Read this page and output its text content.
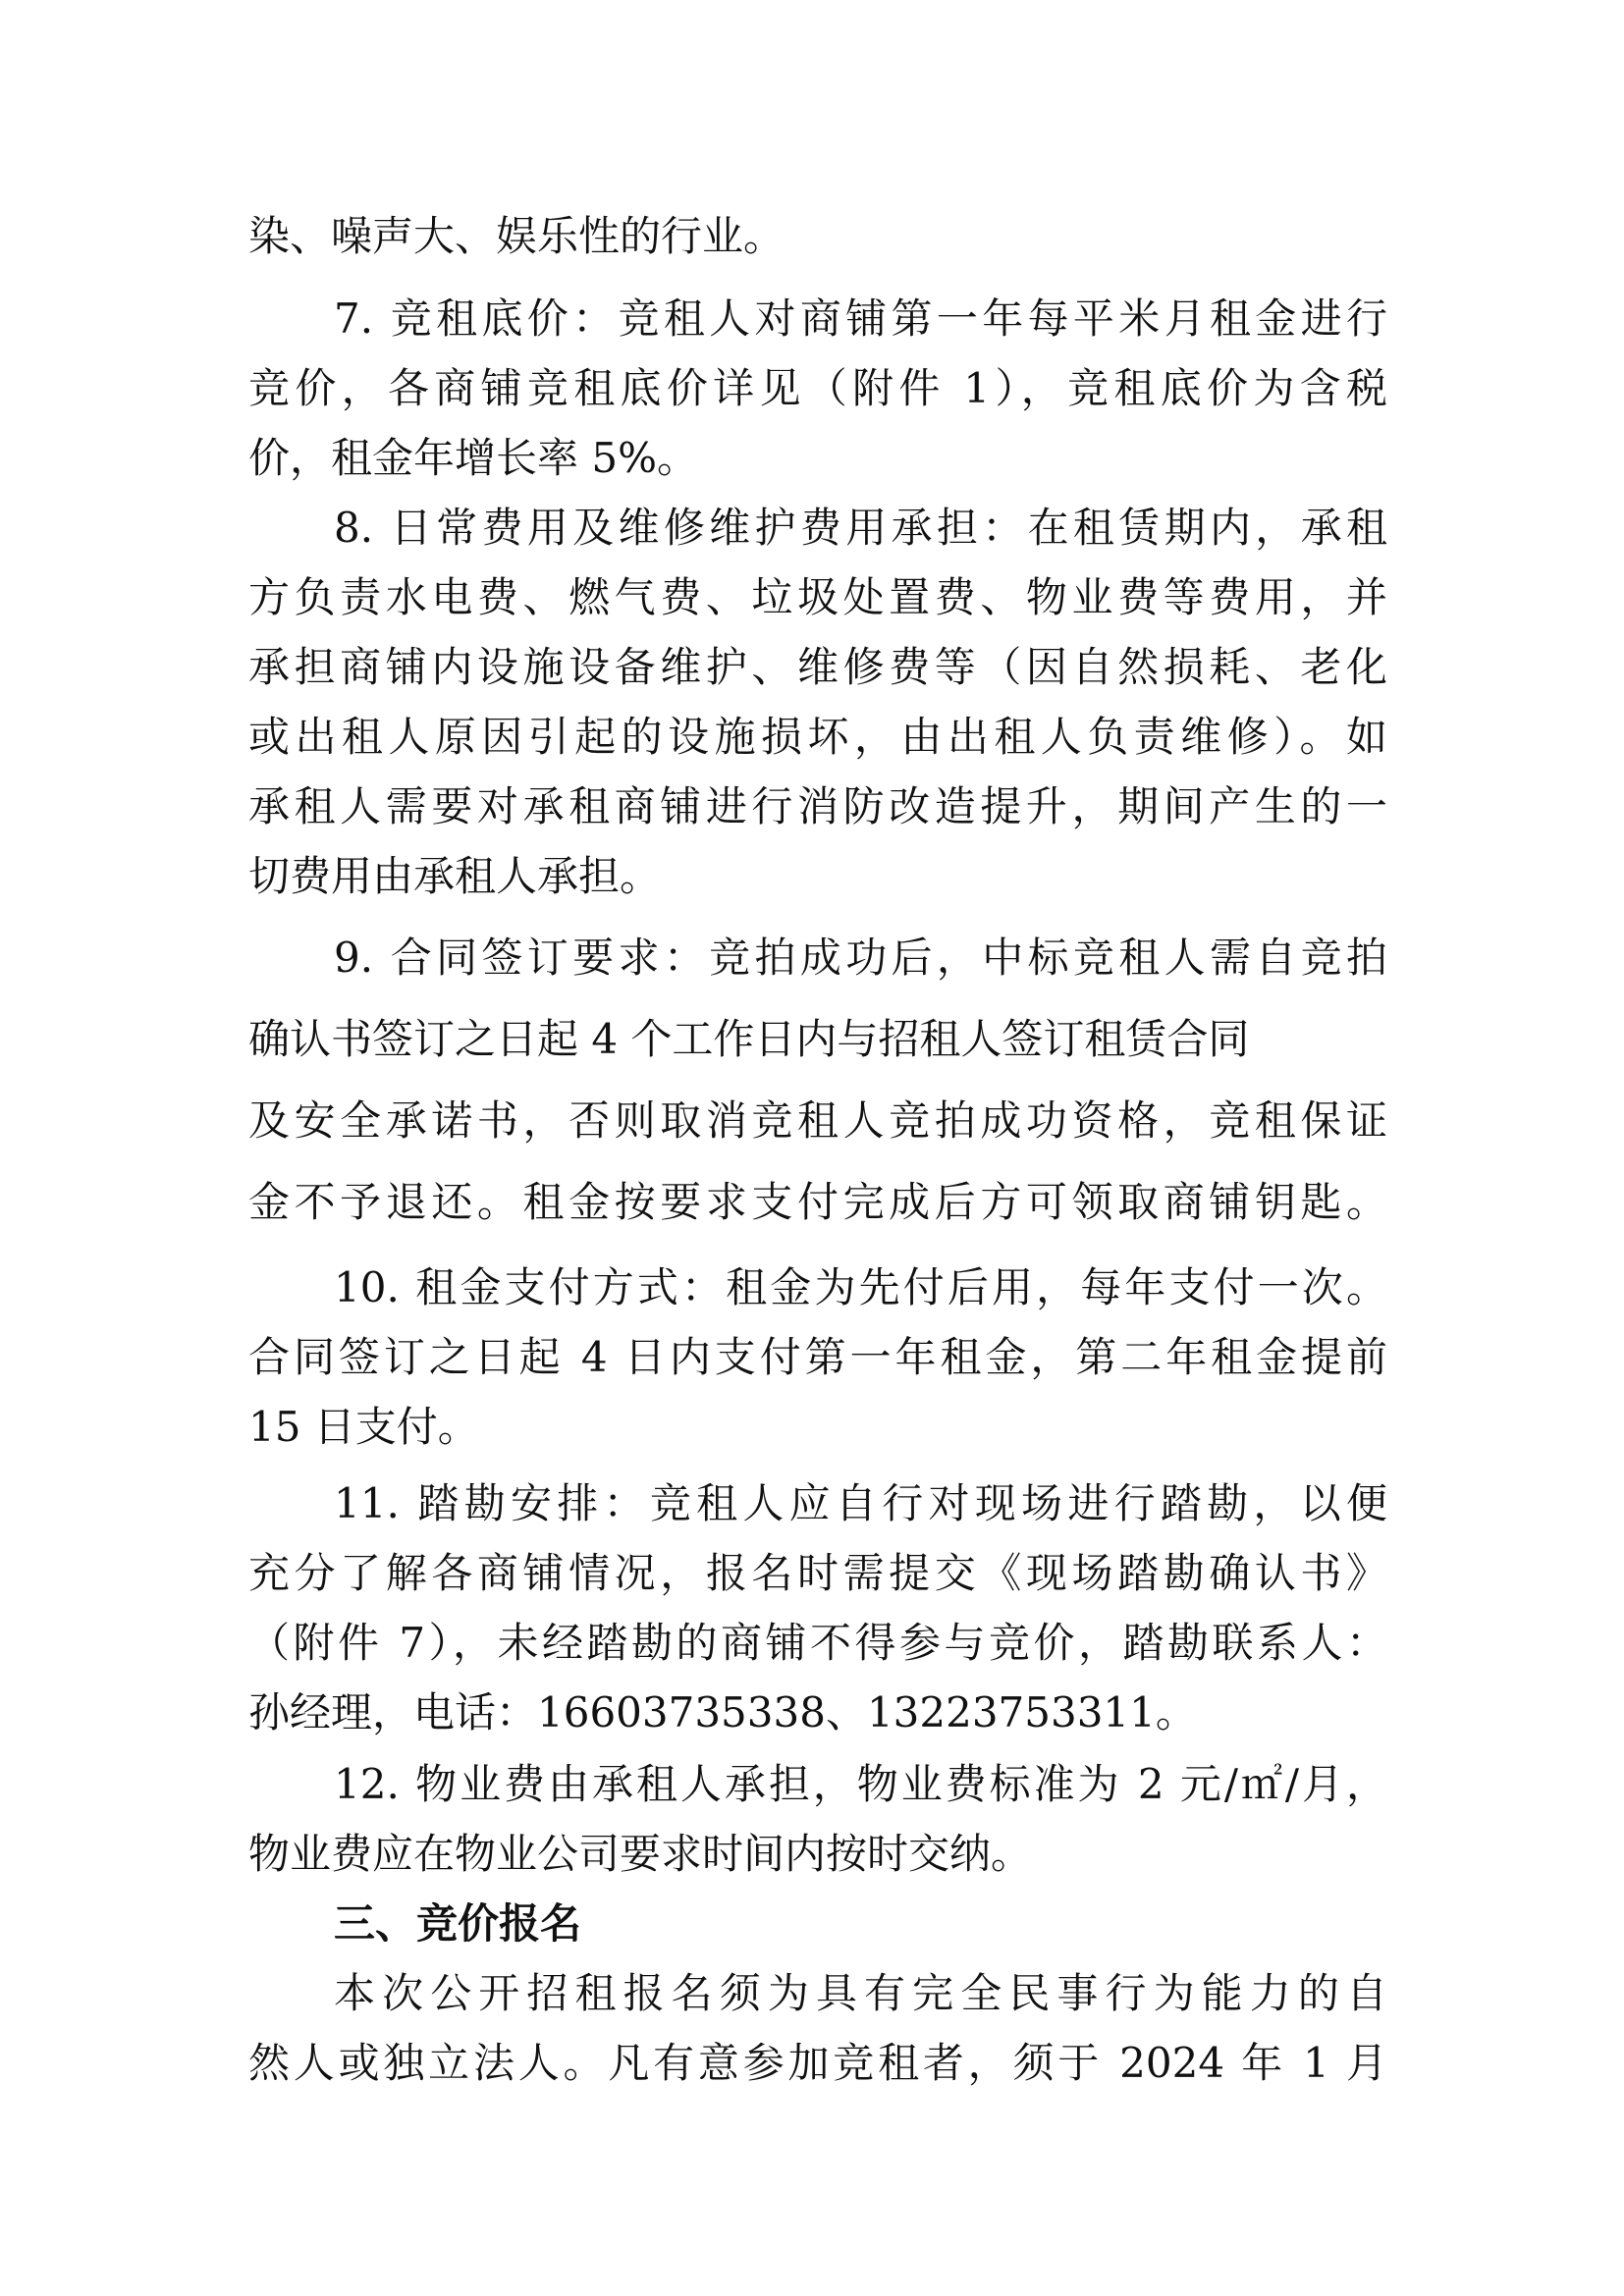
染、噪声大、娱乐性的行业。
7. 竞租底价：竞租人对商铺第一年每平米月租金进行
竞价，各商铺竞租底价详见（附件 1），竞租底价为含税
价，租金年增长率 5%。
8. 日常费用及维修维护费用承担：在租赁期内，承租
方负责水电费、燃气费、垃圾处置费、物业费等费用，并
承担商铺内设施设备维护、维修费等（因自然损耗、老化
或出租人原因引起的设施损坏，由出租人负责维修）。如
承租人需要对承租商铺进行消防改造提升，期间产生的一
切费用由承租人承担。
9. 合同签订要求：竞拍成功后，中标竞租人需自竞拍
确认书签订之日起 4 个工作日内与招租人签订租赁合同
及安全承诺书，否则取消竞租人竞拍成功资格，竞租保证
金不予退还。租金按要求支付完成后方可领取商铺钥匙。
10. 租金支付方式：租金为先付后用，每年支付一次。
合同签订之日起 4 日内支付第一年租金，第二年租金提前
15 日支付。
11. 踏勘安排：竞租人应自行对现场进行踏勘，以便
充分了解各商铺情况，报名时需提交《现场踏勘确认书》
（附件 7），未经踏勘的商铺不得参与竞价，踏勘联系人：
孙经理，电话：16603735338、13223753311。
12. 物业费由承租人承担，物业费标准为 2 元/㎡/月，
物业费应在物业公司要求时间内按时交纳。
三、竞价报名
本次公开招租报名须为具有完全民事行为能力的自
然人或独立法人。凡有意参加竞租者，须于 2024 年 1 月
